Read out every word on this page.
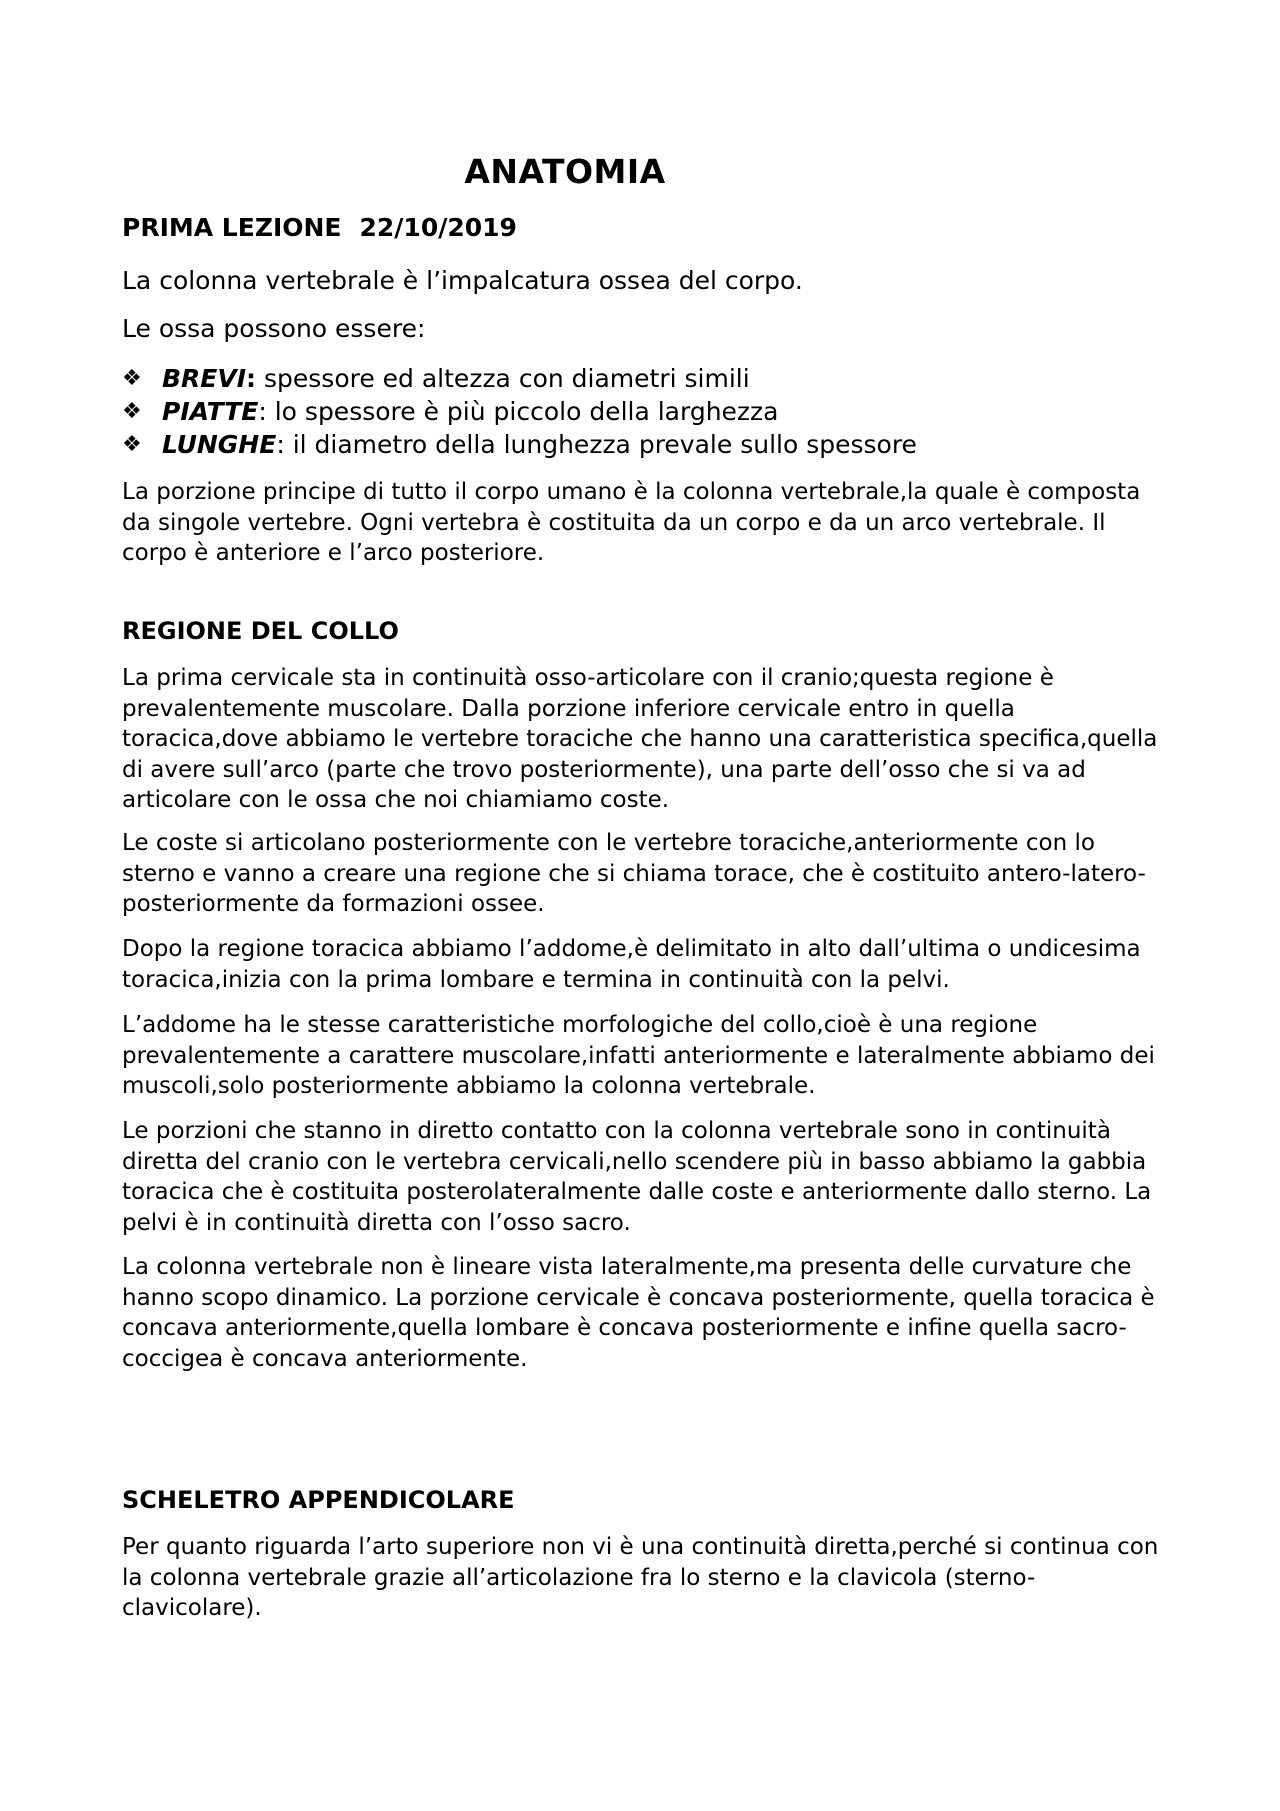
ANATOMIA
PRIMA LEZIONE 22/10/2019
La colonna vertebrale è l’impalcatura ossea del corpo.
Le ossa possono essere:
❖ BREVI: spessore ed altezza con diametri simili
❖ PIATTE: lo spessore è più piccolo della larghezza
❖ LUNGHE: il diametro della lunghezza prevale sullo spessore

La porzione principe di tutto il corpo umano è la colonna vertebrale,la quale è composta da singole vertebre. Ogni vertebra è costituita da un corpo e da un arco vertebrale. Il corpo è anteriore e l’arco posteriore.

REGIONE DEL COLLO

La prima cervicale sta in continuità osso-articolare con il cranio;questa regione è prevalentemente muscolare. Dalla porzione inferiore cervicale entro in quella toracica,dove abbiamo le vertebre toraciche che hanno una caratteristica specifica,quella di avere sull’arco (parte che trovo posteriormente), una parte dell’osso che si va ad articolare con le ossa che noi chiamiamo coste.

Le coste si articolano posteriormente con le vertebre toraciche,anteriormente con lo sterno e vanno a creare una regione che si chiama torace, che è costituito antero-latero-posteriormente da formazioni ossee.

Dopo la regione toracica abbiamo l’addome,è delimitato in alto dall’ultima o undicesima toracica,inizia con la prima lombare e termina in continuità con la pelvi.

L’addome ha le stesse caratteristiche morfologiche del collo,cioè è una regione prevalentemente a carattere muscolare,infatti anteriormente e lateralmente abbiamo dei muscoli,solo posteriormente abbiamo la colonna vertebrale.

Le porzioni che stanno in diretto contatto con la colonna vertebrale sono in continuità diretta del cranio con le vertebra cervicali,nello scendere più in basso abbiamo la gabbia toracica che è costituita posterolateralmente dalle coste e anteriormente dallo sterno. La pelvi è in continuità diretta con l’osso sacro.

La colonna vertebrale non è lineare vista lateralmente,ma presenta delle curvature che hanno scopo dinamico. La porzione cervicale è concava posteriormente, quella toracica è concava anteriormente,quella lombare è concava posteriormente e infine quella sacro-coccigea è concava anteriormente.

SCHELETRO APPENDICOLARE

Per quanto riguarda l’arto superiore non vi è una continuità diretta,perché si continua con la colonna vertebrale grazie all’articolazione fra lo sterno e la clavicola (sterno-clavicolare).
